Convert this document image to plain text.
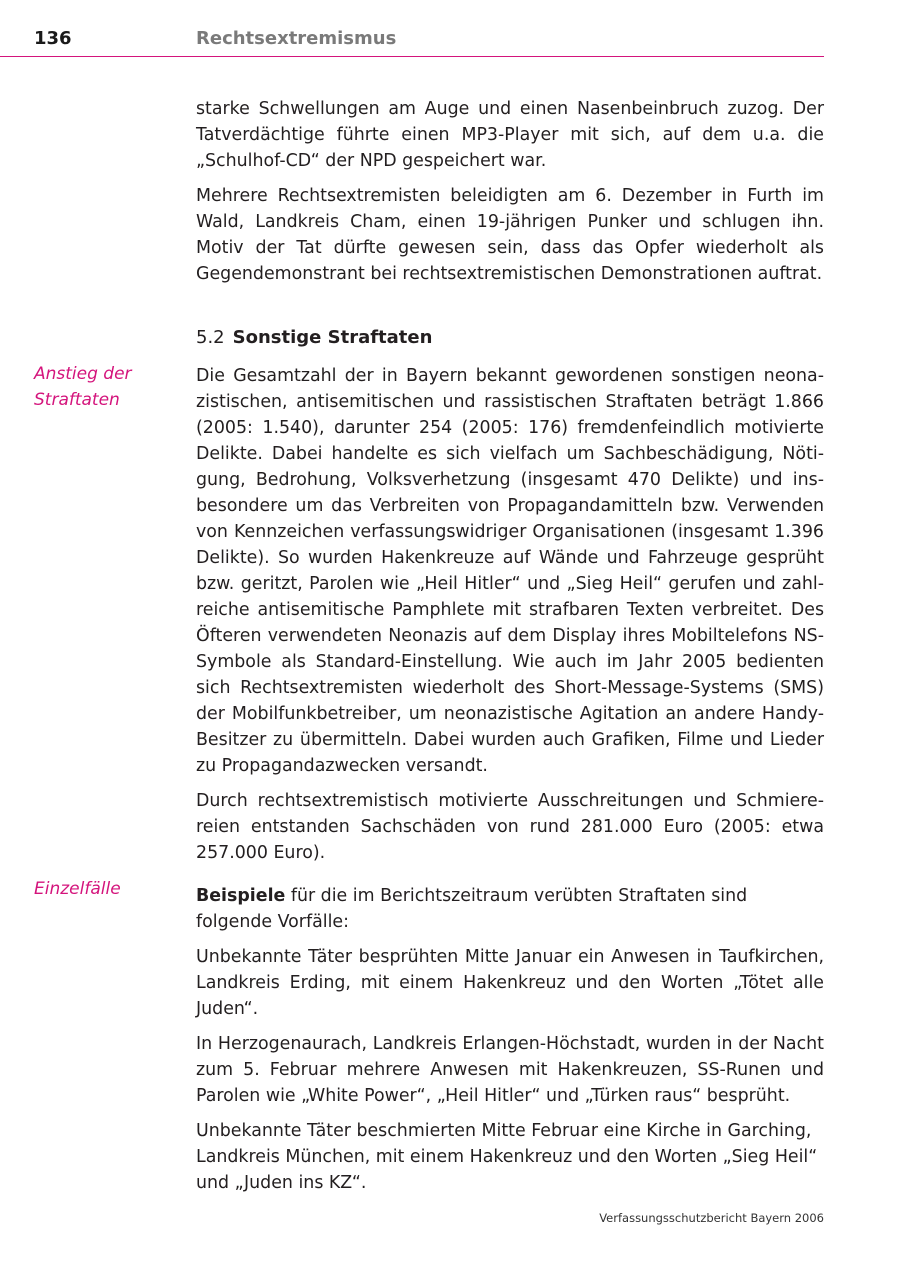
136	Rechtsextremismus
Anstieg der Straftaten
Einzelfälle

starke Schwellungen am Auge und einen Nasenbeinbruch zuzog. Der Tatverdächtige führte einen MP3-Player mit sich, auf dem u.a. die „Schulhof-CD“ der NPD gespeichert war.

Mehrere Rechtsextremisten beleidigten am 6. Dezember in Furth im Wald, Landkreis Cham, einen 19-jährigen Punker und schlugen ihn. Motiv der Tat dürfte gewesen sein, dass das Opfer wiederholt als Gegendemonstrant bei rechtsextremistischen Demonstrationen auftrat.

5.2 Sonstige Straftaten

Die Gesamtzahl der in Bayern bekannt gewordenen sonstigen neonazistischen, antisemitischen und rassistischen Straftaten beträgt 1.866 (2005: 1.540), darunter 254 (2005: 176) fremdenfeindlich motivierte Delikte. Dabei handelte es sich vielfach um Sachbeschädigung, Nötigung, Bedrohung, Volksverhetzung (insgesamt 470 Delikte) und insbesondere um das Verbreiten von Propagandamitteln bzw. Verwenden von Kennzeichen verfassungswidriger Organisationen (insgesamt 1.396 Delikte). So wurden Hakenkreuze auf Wände und Fahrzeuge gesprüht bzw. geritzt, Parolen wie „Heil Hitler“ und „Sieg Heil“ gerufen und zahlreiche antisemitische Pamphlete mit strafbaren Texten verbreitet. Des Öfteren verwendeten Neonazis auf dem Display ihres Mobiltelefons NS-Symbole als Standard-Einstellung. Wie auch im Jahr 2005 bedienten sich Rechtsextremisten wiederholt des Short-Message-Systems (SMS) der Mobilfunkbetreiber, um neonazistische Agitation an andere Handy-Besitzer zu übermitteln. Dabei wurden auch Grafiken, Filme und Lieder zu Propagandazwecken versandt.

Durch rechtsextremistisch motivierte Ausschreitungen und Schmierereien entstanden Sachschäden von rund 281.000 Euro (2005: etwa 257.000 Euro).

Beispiele für die im Berichtszeitraum verübten Straftaten sind folgende Vorfälle:

Unbekannte Täter besprühten Mitte Januar ein Anwesen in Taufkirchen, Landkreis Erding, mit einem Hakenkreuz und den Worten „Tötet alle Juden“.

In Herzogenaurach, Landkreis Erlangen-Höchstadt, wurden in der Nacht zum 5. Februar mehrere Anwesen mit Hakenkreuzen, SS-Runen und Parolen wie „White Power“, „Heil Hitler“ und „Türken raus“ besprüht.

Unbekannte Täter beschmierten Mitte Februar eine Kirche in Garching, Landkreis München, mit einem Hakenkreuz und den Worten „Sieg Heil“ und „Juden ins KZ“.

Verfassungsschutzbericht Bayern 2006
